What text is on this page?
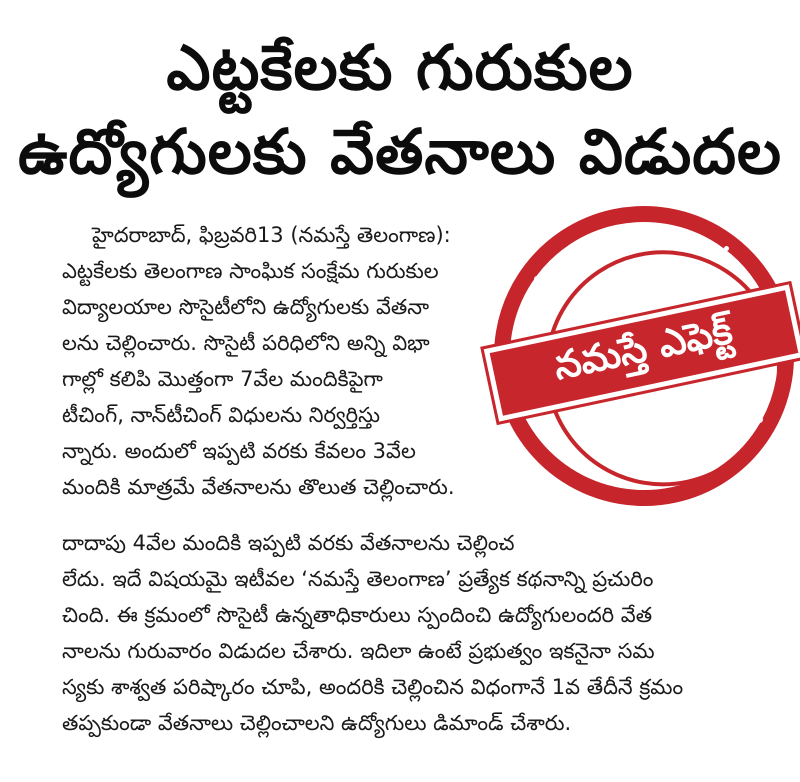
ఎట్టకేలకు గురుకుల
ఉద్యోగులకు వేతనాలు విడుదల
హైదరాబాద్, ఫిబ్రవరి13 (నమస్తే తెలంగాణ):
ఎట్టకేలకు తెలంగాణ సాంఘిక సంక్షేమ గురుకుల
విద్యాలయాల సొసైటీలోని ఉద్యోగులకు వేతనా
లను చెల్లించారు. సొసైటీ పరిధిలోని అన్ని విభా
గాల్లో కలిపి మొత్తంగా 7వేల మందికిపైగా
టీచింగ్, నాన్‌టీచింగ్ విధులను నిర్వర్తిస్తు
న్నారు. అందులో ఇప్పటి వరకు కేవలం 3వేల
మందికి మాత్రమే వేతనాలను తొలుత చెల్లించారు.
దాదాపు 4వేల మందికి ఇప్పటి వరకు వేతనాలను చెల్లించ
లేదు. ఇదే విషయమై ఇటీవల ‘నమస్తే తెలంగాణ’ ప్రత్యేక కథనాన్ని ప్రచురిం
చింది. ఈ క్రమంలో సొసైటీ ఉన్నతాధికారులు స్పందించి ఉద్యోగులందరి వేత
నాలను గురువారం విడుదల చేశారు. ఇదిలా ఉంటే ప్రభుత్వం ఇకనైనా సమ
స్యకు శాశ్వత పరిష్కారం చూపి, అందరికి చెల్లించిన విధంగానే 1వ తేదీనే క్రమం
తప్పకుండా వేతనాలు చెల్లించాలని ఉద్యోగులు డిమాండ్ చేశారు.
నమస్తే ఎఫెక్ట్
